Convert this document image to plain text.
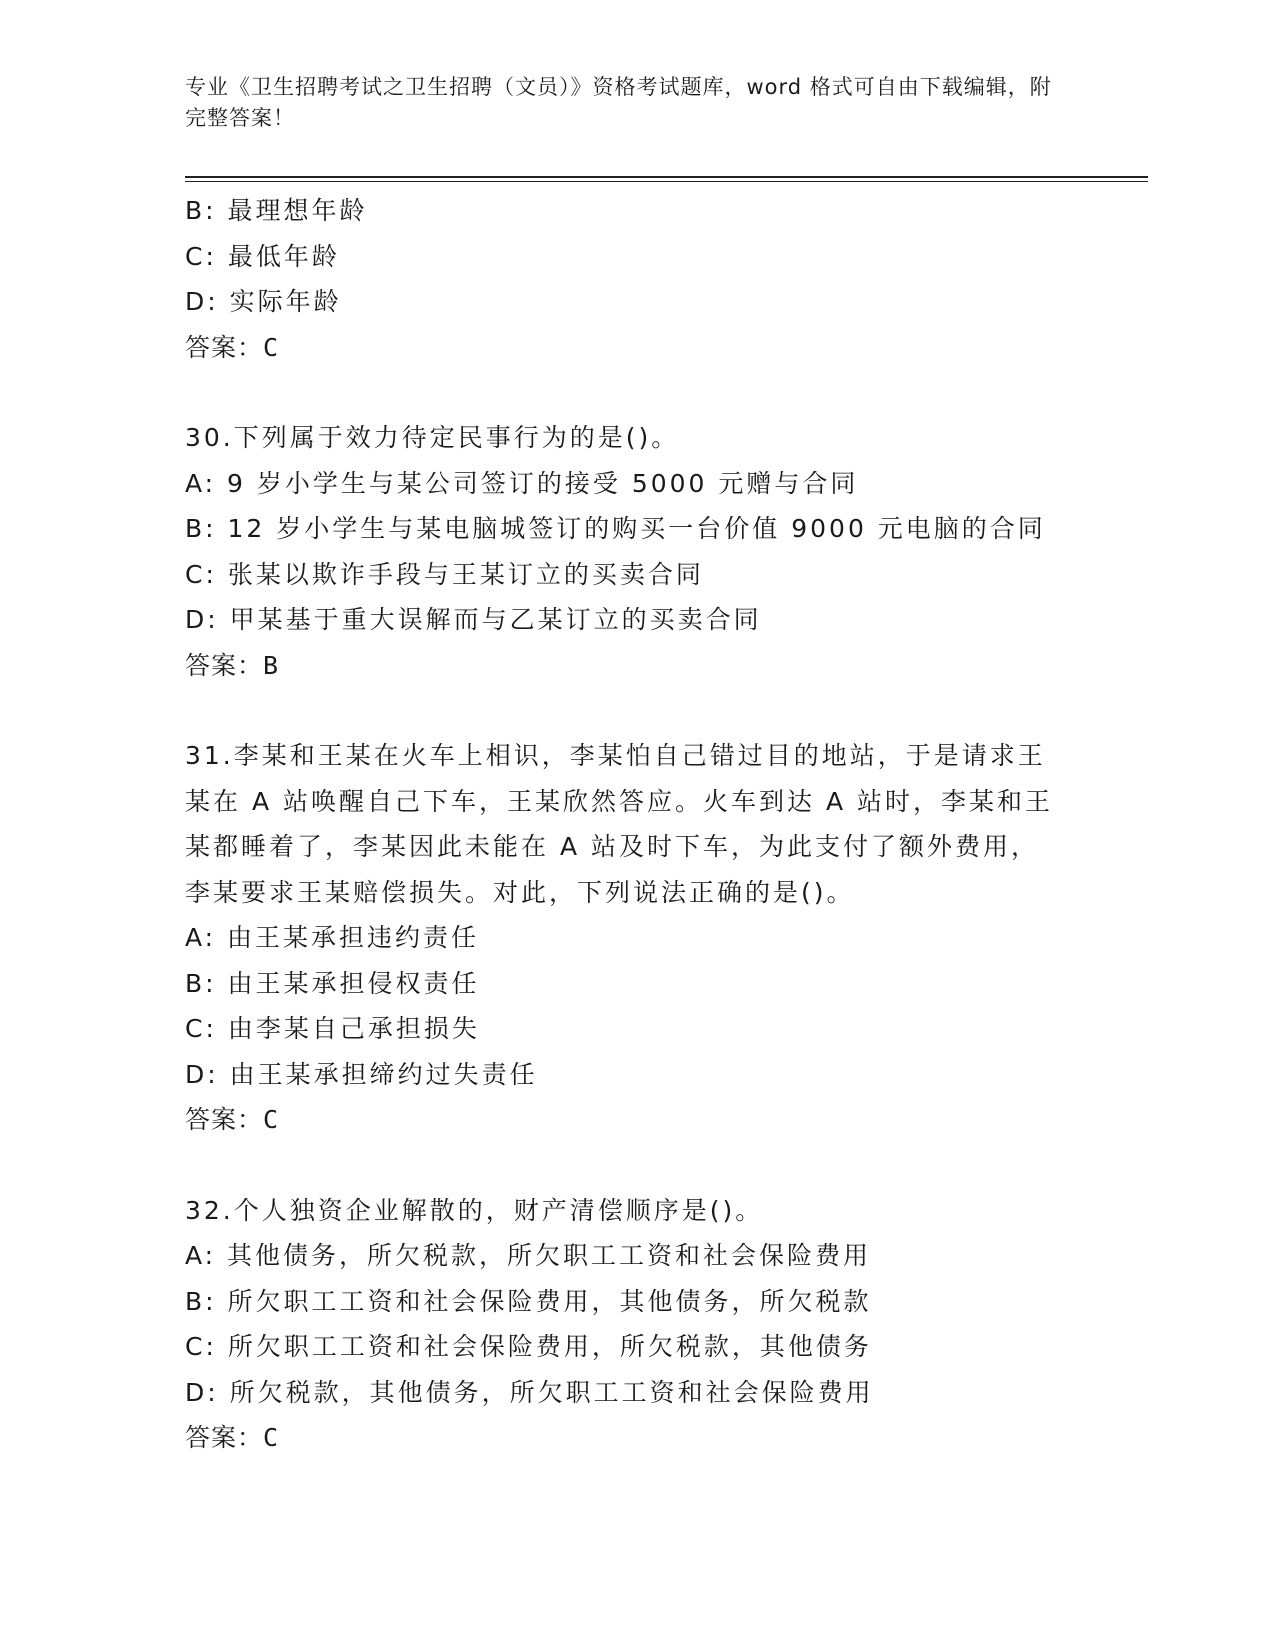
专业《卫生招聘考试之卫生招聘（文员）》资格考试题库，word 格式可自由下载编辑，附完整答案！
B: 最理想年龄
C: 最低年龄
D: 实际年龄
答案：C
30.下列属于效力待定民事行为的是()。
A: 9 岁小学生与某公司签订的接受 5000 元赠与合同
B: 12 岁小学生与某电脑城签订的购买一台价值 9000 元电脑的合同
C: 张某以欺诈手段与王某订立的买卖合同
D: 甲某基于重大误解而与乙某订立的买卖合同
答案：B
31.李某和王某在火车上相识，李某怕自己错过目的地站，于是请求王
某在 A 站唤醒自己下车，王某欣然答应。火车到达 A 站时，李某和王
某都睡着了，李某因此未能在 A 站及时下车，为此支付了额外费用，
李某要求王某赔偿损失。对此，下列说法正确的是()。
A: 由王某承担违约责任
B: 由王某承担侵权责任
C: 由李某自己承担损失
D: 由王某承担缔约过失责任
答案：C
32.个人独资企业解散的，财产清偿顺序是()。
A: 其他债务，所欠税款，所欠职工工资和社会保险费用
B: 所欠职工工资和社会保险费用，其他债务，所欠税款
C: 所欠职工工资和社会保险费用，所欠税款，其他债务
D: 所欠税款，其他债务，所欠职工工资和社会保险费用
答案：C
